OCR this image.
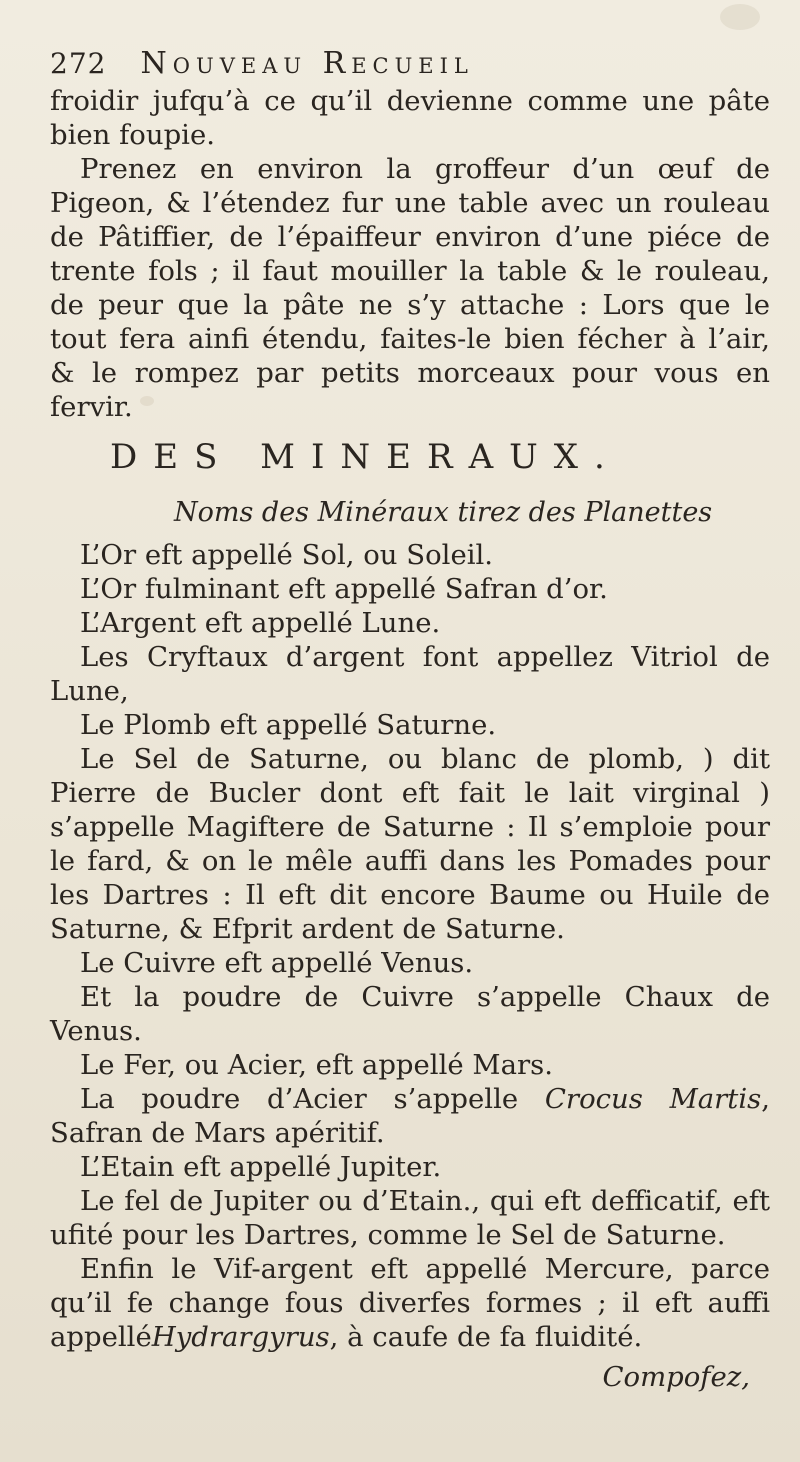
272 Nouveau Recueil

froidir jufqu’à ce qu’il devienne comme une pâte bien foupie.

Prenez en environ la groffeur d’un œuf de Pigeon, & l’étendez fur une table avec un rouleau de Pâtiffier, de l’épaiffeur environ d’une piéce de trente fols ; il faut mouiller la table & le rouleau, de peur que la pâte ne s’y attache : Lors que le tout fera ainfi étendu, faites-le bien fécher à l’air, & le rompez par petits morceaux pour vous en fervir.

DES MINERAUX.

Noms des Minéraux tirez des Planettes

L’Or eft appellé Sol, ou Soleil.

L’Or fulminant eft appellé Safran d’or.

L’Argent eft appellé Lune.

Les Cryftaux d’argent font appellez Vitriol de Lune,

Le Plomb eft appellé Saturne.

Le Sel de Saturne, ou blanc de plomb, ) dit Pierre de Bucler dont eft fait le lait virginal ) s’appelle Magiftere de Saturne : Il s’emploie pour le fard, & on le mêle auffi dans les Pomades pour les Dartres : Il eft dit encore Baume ou Huile de Saturne, & Efprit ardent de Saturne.

Le Cuivre eft appellé Venus.

Et la poudre de Cuivre s’appelle Chaux de Venus.

Le Fer, ou Acier, eft appellé Mars.

La poudre d’Acier s’appelle Crocus Martis, Safran de Mars apéritif.

L’Etain eft appellé Jupiter.

Le fel de Jupiter ou d’Etain., qui eft defficatif, eft ufité pour les Dartres, comme le Sel de Saturne.

Enfin le Vif-argent eft appellé Mercure, parce qu’il fe change fous diverfes formes ; il eft auffi appelléHydrargyrus, à caufe de fa fluidité.

Compofez,
